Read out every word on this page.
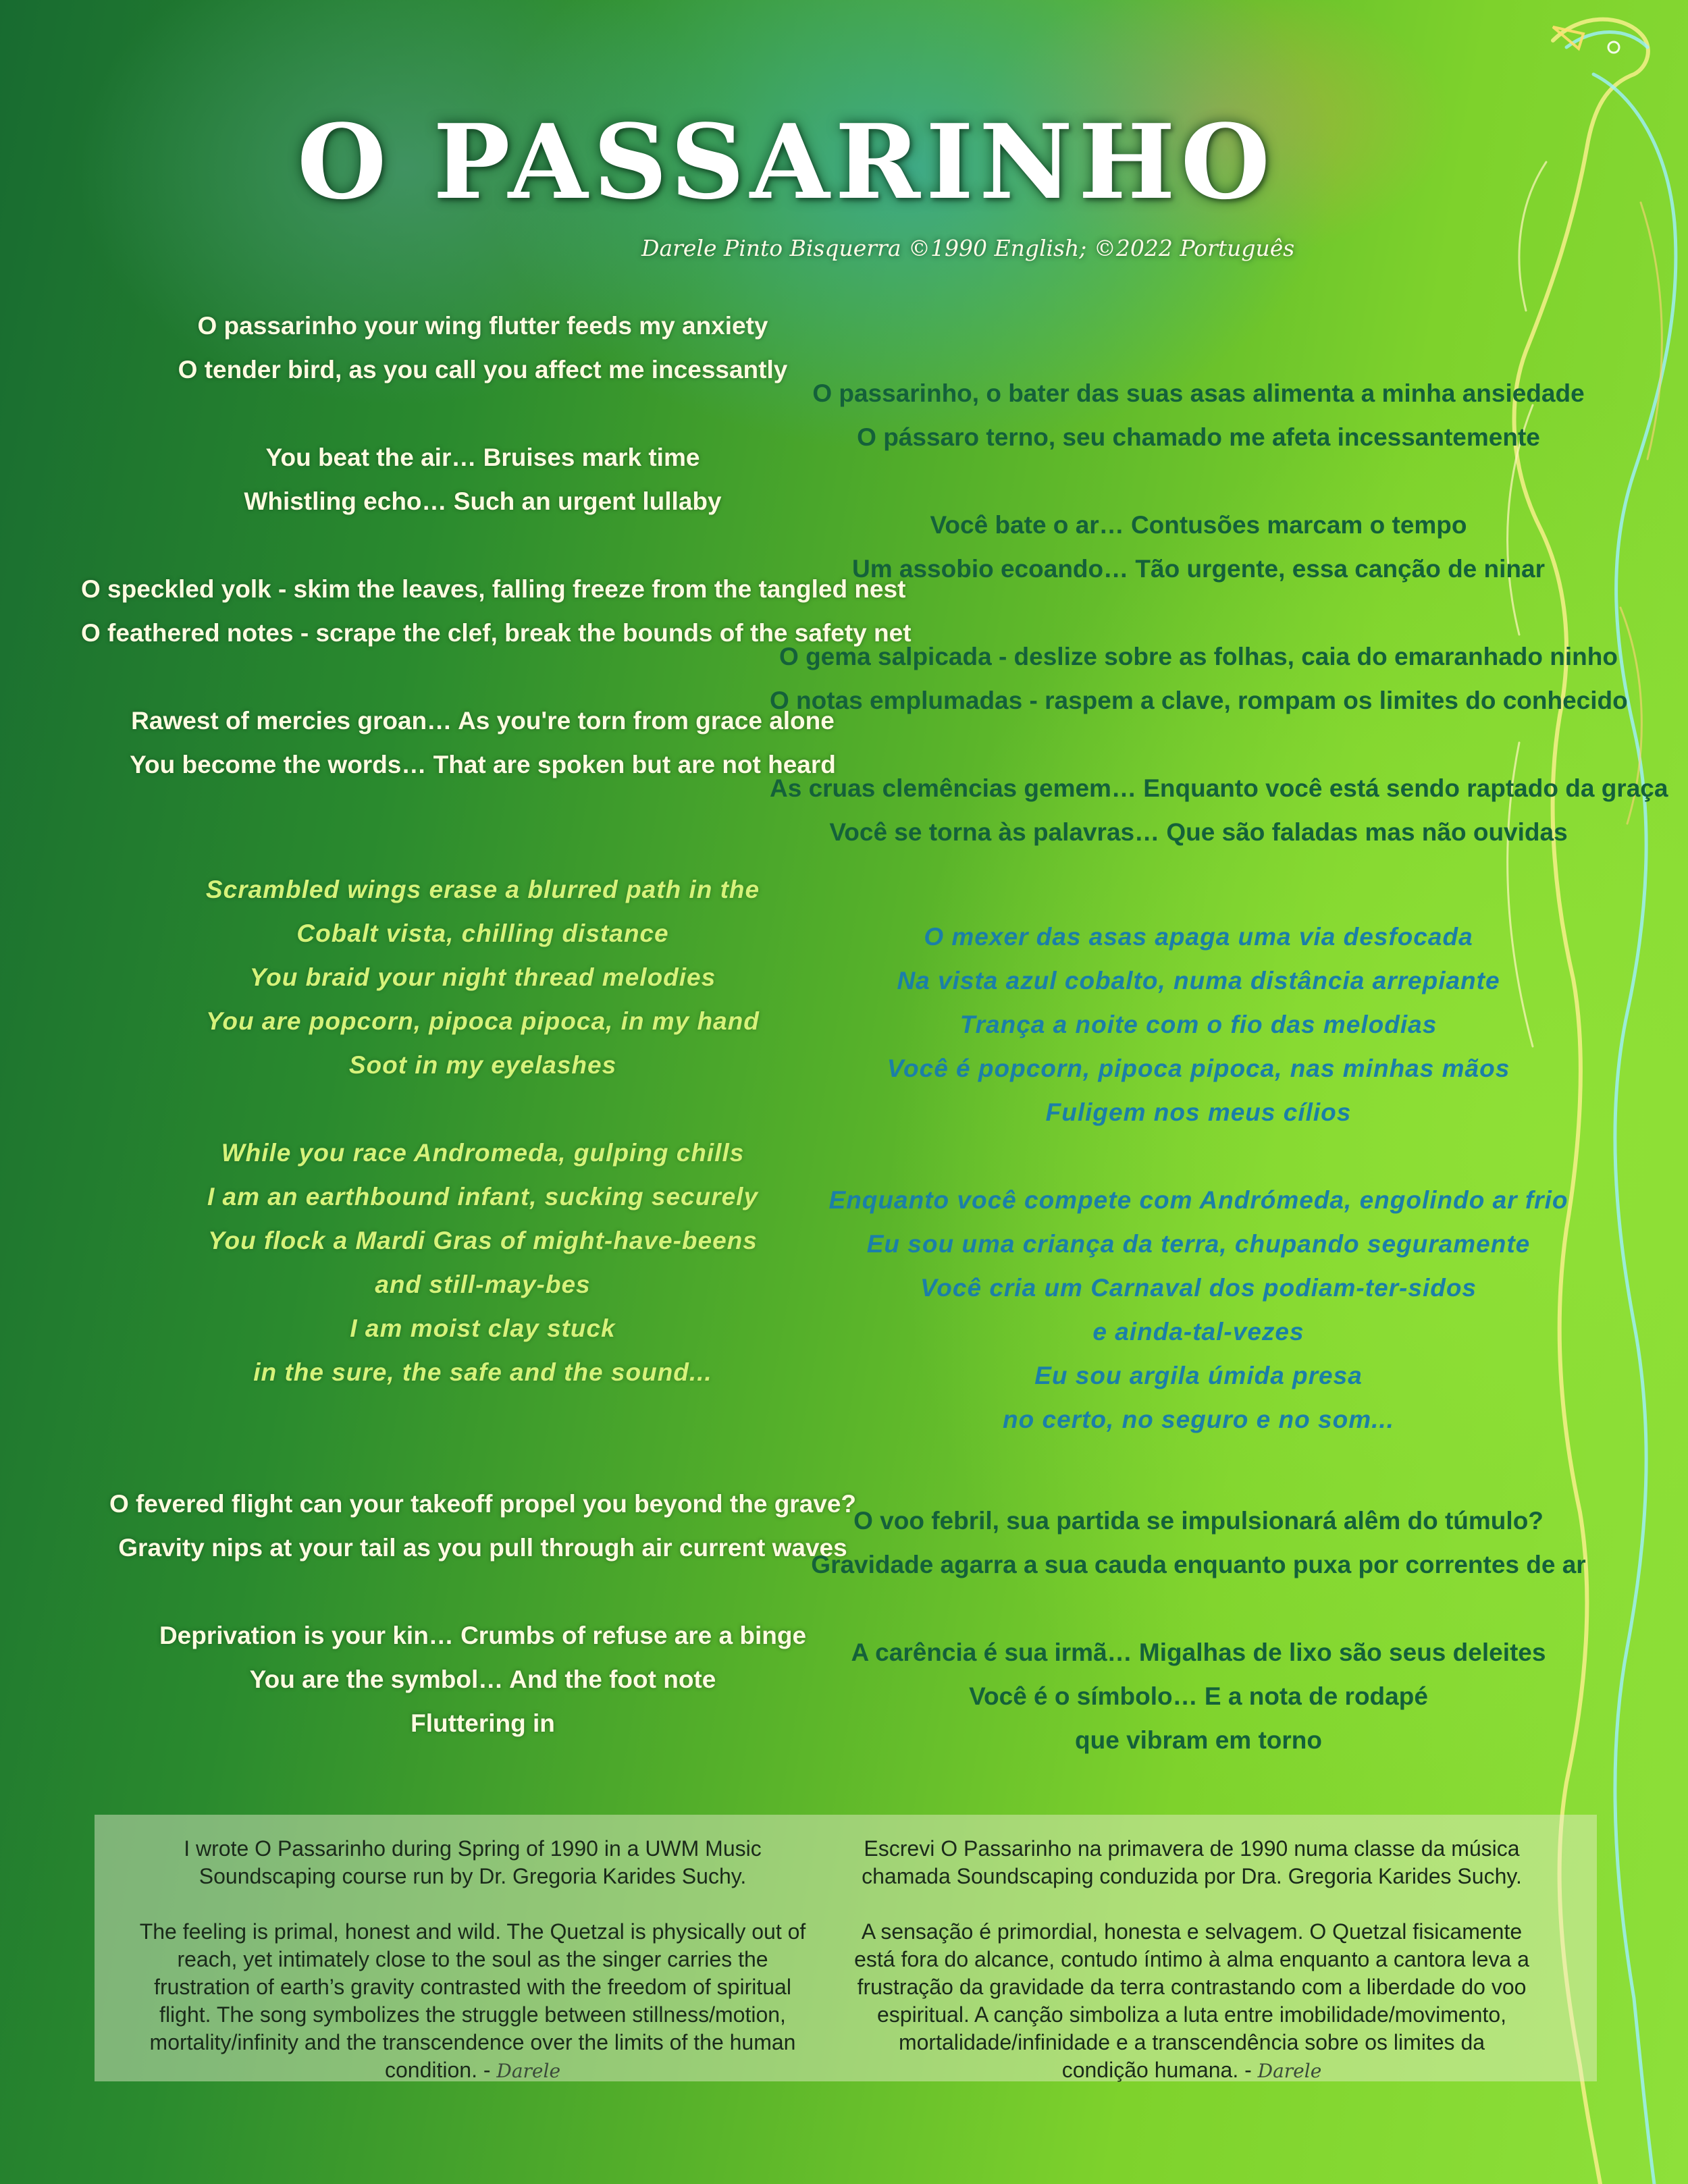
O PASSARINHO
Darele Pinto Bisquerra ©1990 English; ©2022 Português
O passarinho your wing flutter feeds my anxiety
O tender bird, as you call you affect me incessantly
You beat the air… Bruises mark time
Whistling echo… Such an urgent lullaby
O speckled yolk - skim the leaves, falling freeze from the tangled nest
O feathered notes - scrape the clef, break the bounds of the safety net
Rawest of mercies groan… As you're torn from grace alone
You become the words… That are spoken but are not heard
Scrambled wings erase a blurred path in the
Cobalt vista, chilling distance
You braid your night thread melodies
You are popcorn, pipoca pipoca, in my hand
Soot in my eyelashes
While you race Andromeda, gulping chills
I am an earthbound infant, sucking securely
You flock a Mardi Gras of might-have-beens
and still-may-bes
I am moist clay stuck
in the sure, the safe and the sound...
O fevered flight can your takeoff propel you beyond the grave?
Gravity nips at your tail as you pull through air current waves
Deprivation is your kin… Crumbs of refuse are a binge
You are the symbol… And the foot note
Fluttering in
O passarinho, o bater das suas asas alimenta a minha ansiedade
O pássaro terno, seu chamado me afeta incessantemente
Você bate o ar… Contusões marcam o tempo
Um assobio ecoando… Tão urgente, essa canção de ninar
O gema salpicada - deslize sobre as folhas, caia do emaranhado ninho
O notas emplumadas - raspem a clave, rompam os limites do conhecido
As cruas clemências gemem… Enquanto você está sendo raptado da graça
Você se torna às palavras… Que são faladas mas não ouvidas
O mexer das asas apaga uma via desfocada
Na vista azul cobalto, numa distância arrepiante
Trança a noite com o fio das melodias
Você é popcorn, pipoca pipoca, nas minhas mãos
Fuligem nos meus cílios
Enquanto você compete com Andrómeda, engolindo ar frio
Eu sou uma criança da terra, chupando seguramente
Você cria um Carnaval dos podiam-ter-sidos
e ainda-tal-vezes
Eu sou argila úmida presa
no certo, no seguro e no som...
O voo febril, sua partida se impulsionará alêm do túmulo?
Gravidade agarra a sua cauda enquanto puxa por correntes de ar
A carência é sua irmã… Migalhas de lixo são seus deleites
Você é o símbolo… E a nota de rodapé
que vibram em torno

I wrote O Passarinho during Spring of 1990 in a UWM Music Soundscaping course run by Dr. Gregoria Karides Suchy.

The feeling is primal, honest and wild. The Quetzal is physically out of reach, yet intimately close to the soul as the singer carries the frustration of earth’s gravity contrasted with the freedom of spiritual flight. The song symbolizes the struggle between stillness/motion, mortality/infinity and the transcendence over the limits of the human condition. - Darele

Escrevi O Passarinho na primavera de 1990 numa classe da música chamada Soundscaping conduzida por Dra. Gregoria Karides Suchy.

A sensação é primordial, honesta e selvagem. O Quetzal fisicamente está fora do alcance, contudo íntimo à alma enquanto a cantora leva a frustração da gravidade da terra contrastando com a liberdade do voo espiritual. A canção simboliza a luta entre imobilidade/movimento, mortalidade/infinidade e a transcendência sobre os limites da condição humana. - Darele
